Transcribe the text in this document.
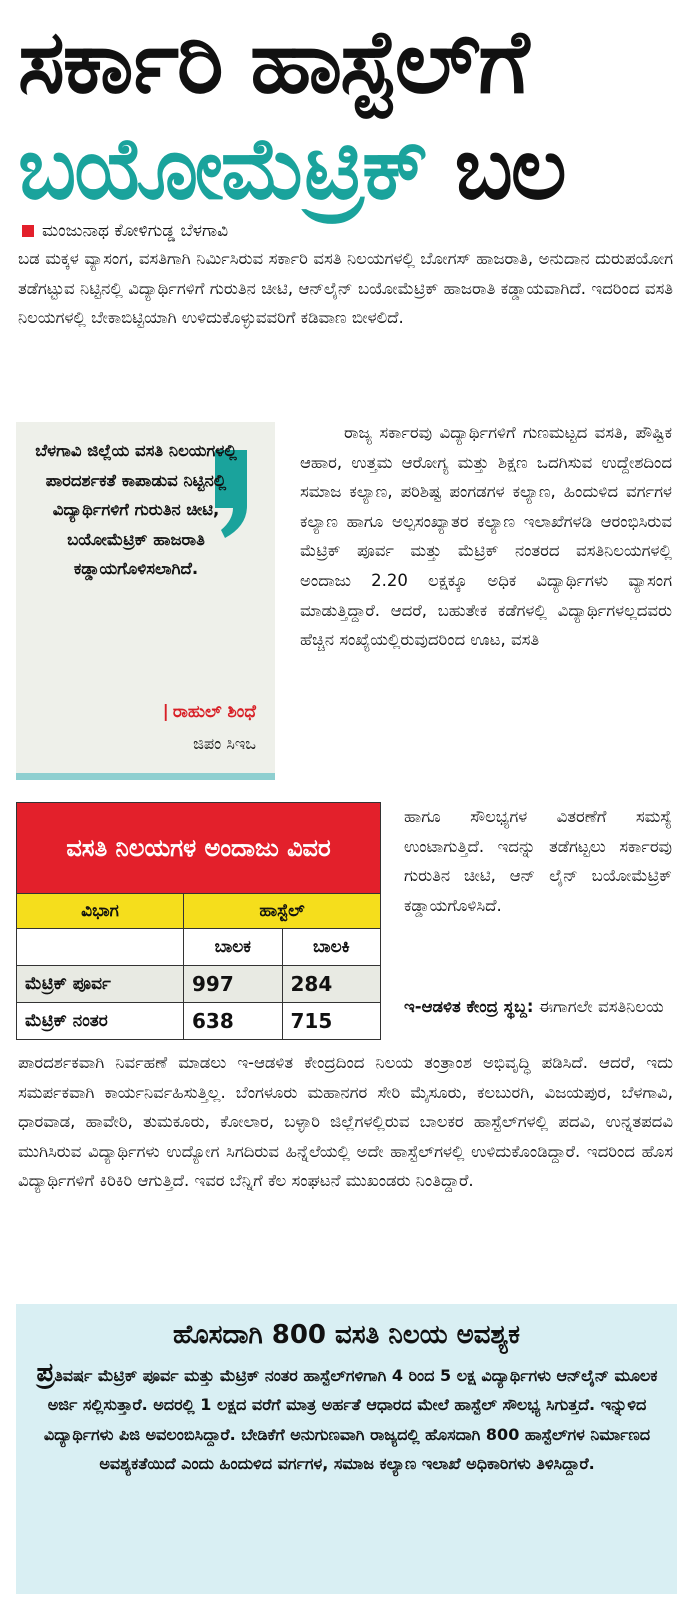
ಸರ್ಕಾರಿ ಹಾಸ್ಟೆಲ್‌ಗೆ
ಬಯೋಮೆಟ್ರಿಕ್ ಬಲ
ಮಂಜುನಾಥ ಕೋಳಿಗುಡ್ಡ ಬೆಳಗಾವಿ
ಬಡ ಮಕ್ಕಳ ವ್ಯಾಸಂಗ, ವಸತಿಗಾಗಿ ನಿರ್ಮಿಸಿರುವ ಸರ್ಕಾರಿ ವಸತಿ ನಿಲಯಗಳಲ್ಲಿ ಬೋಗಸ್ ಹಾಜರಾತಿ, ಅನುದಾನ ದುರುಪಯೋಗ ತಡೆಗಟ್ಟುವ ನಿಟ್ಟಿನಲ್ಲಿ ವಿದ್ಯಾರ್ಥಿಗಳಿಗೆ ಗುರುತಿನ ಚೀಟಿ, ಆನ್‌ಲೈನ್ ಬಯೋಮೆಟ್ರಿಕ್ ಹಾಜರಾತಿ ಕಡ್ಡಾಯವಾಗಿದೆ. ಇದರಿಂದ ವಸತಿ ನಿಲಯಗಳಲ್ಲಿ ಬೇಕಾಬಿಟ್ಟಿಯಾಗಿ ಉಳಿದುಕೊಳ್ಳುವವರಿಗೆ ಕಡಿವಾಣ ಬೀಳಲಿದೆ.
ಬೆಳಗಾವಿ ಜಿಲ್ಲೆಯ ವಸತಿ ನಿಲಯಗಳಲ್ಲಿ ಪಾರದರ್ಶಕತೆ ಕಾಪಾಡುವ ನಿಟ್ಟಿನಲ್ಲಿ ವಿದ್ಯಾರ್ಥಿಗಳಿಗೆ ಗುರುತಿನ ಚೀಟಿ, ಬಯೋಮೆಟ್ರಿಕ್ ಹಾಜರಾತಿ ಕಡ್ಡಾಯಗೊಳಿಸಲಾಗಿದೆ.
| ರಾಹುಲ್ ಶಿಂಧೆ
ಜಿಪಂ ಸಿಇಒ
ರಾಜ್ಯ ಸರ್ಕಾರವು ವಿದ್ಯಾರ್ಥಿಗಳಿಗೆ ಗುಣಮಟ್ಟದ ವಸತಿ, ಪೌಷ್ಟಿಕ ಆಹಾರ, ಉತ್ತಮ ಆರೋಗ್ಯ ಮತ್ತು ಶಿಕ್ಷಣ ಒದಗಿಸುವ ಉದ್ದೇಶದಿಂದ ಸಮಾಜ ಕಲ್ಯಾಣ, ಪರಿಶಿಷ್ಟ ಪಂಗಡಗಳ ಕಲ್ಯಾಣ, ಹಿಂದುಳಿದ ವರ್ಗಗಳ ಕಲ್ಯಾಣ ಹಾಗೂ ಅಲ್ಪಸಂಖ್ಯಾತರ ಕಲ್ಯಾಣ ಇಲಾಖೆಗಳಡಿ ಆರಂಭಿಸಿರುವ ಮೆಟ್ರಿಕ್ ಪೂರ್ವ ಮತ್ತು ಮೆಟ್ರಿಕ್ ನಂತರದ ವಸತಿನಿಲಯಗಳಲ್ಲಿ ಅಂದಾಜು 2.20 ಲಕ್ಷಕ್ಕೂ ಅಧಿಕ ವಿದ್ಯಾರ್ಥಿಗಳು ವ್ಯಾಸಂಗ ಮಾಡುತ್ತಿದ್ದಾರೆ. ಆದರೆ, ಬಹುತೇಕ ಕಡೆಗಳಲ್ಲಿ ವಿದ್ಯಾರ್ಥಿಗಳಲ್ಲದವರು ಹೆಚ್ಚಿನ ಸಂಖ್ಯೆಯಲ್ಲಿರುವುದರಿಂದ ಊಟ, ವಸತಿ
ವಸತಿ ನಿಲಯಗಳ ಅಂದಾಜು ವಿವರ		
ವಿಭಾಗ	ಹಾಸ್ಟೆಲ್	
	ಬಾಲಕ	ಬಾಲಕಿ
ಮೆಟ್ರಿಕ್ ಪೂರ್ವ	997	284
ಮೆಟ್ರಿಕ್ ನಂತರ	638	715
ಹಾಗೂ ಸೌಲಭ್ಯಗಳ ವಿತರಣೆಗೆ ಸಮಸ್ಯೆ ಉಂಟಾಗುತ್ತಿದೆ. ಇದನ್ನು ತಡೆಗಟ್ಟಲು ಸರ್ಕಾರವು ಗುರುತಿನ ಚೀಟಿ, ಆನ್ ಲೈನ್ ಬಯೋಮೆಟ್ರಿಕ್ ಕಡ್ಡಾಯಗೊಳಿಸಿದೆ.
ಇ-ಆಡಳಿತ ಕೇಂದ್ರ ಸ್ಥಬ್ದ: ಈಗಾಗಲೇ ವಸತಿನಿಲಯ
ಪಾರದರ್ಶಕವಾಗಿ ನಿರ್ವಹಣೆ ಮಾಡಲು ಇ-ಆಡಳಿತ ಕೇಂದ್ರದಿಂದ ನಿಲಯ ತಂತ್ರಾಂಶ ಅಭಿವೃದ್ಧಿ ಪಡಿಸಿದೆ. ಆದರೆ, ಇದು ಸಮರ್ಪಕವಾಗಿ ಕಾರ್ಯನಿರ್ವಹಿಸುತ್ತಿಲ್ಲ. ಬೆಂಗಳೂರು ಮಹಾನಗರ ಸೇರಿ ಮೈಸೂರು, ಕಲಬುರಗಿ, ವಿಜಯಪುರ, ಬೆಳಗಾವಿ, ಧಾರವಾಡ, ಹಾವೇರಿ, ತುಮಕೂರು, ಕೋಲಾರ, ಬಳ್ಳಾರಿ ಜಿಲ್ಲೆಗಳಲ್ಲಿರುವ ಬಾಲಕರ ಹಾಸ್ಟೆಲ್‌ಗಳಲ್ಲಿ ಪದವಿ, ಉನ್ನತಪದವಿ ಮುಗಿಸಿರುವ ವಿದ್ಯಾರ್ಥಿಗಳು ಉದ್ಯೋಗ ಸಿಗದಿರುವ ಹಿನ್ನೆಲೆಯಲ್ಲಿ ಅದೇ ಹಾಸ್ಟೆಲ್‌ಗಳಲ್ಲಿ ಉಳಿದುಕೊಂಡಿದ್ದಾರೆ. ಇದರಿಂದ ಹೊಸ ವಿದ್ಯಾರ್ಥಿಗಳಿಗೆ ಕಿರಿಕಿರಿ ಆಗುತ್ತಿದೆ. ಇವರ ಬೆನ್ನಿಗೆ ಕೆಲ ಸಂಘಟನೆ ಮುಖಂಡರು ನಿಂತಿದ್ದಾರೆ.
ಹೊಸದಾಗಿ 800 ವಸತಿ ನಿಲಯ ಅವಶ್ಯಕ
ಪ್ರತಿವರ್ಷ ಮೆಟ್ರಿಕ್ ಪೂರ್ವ ಮತ್ತು ಮೆಟ್ರಿಕ್ ನಂತರ ಹಾಸ್ಟೆಲ್‌ಗಳಿಗಾಗಿ 4 ರಿಂದ 5 ಲಕ್ಷ ವಿದ್ಯಾರ್ಥಿಗಳು ಆನ್‌ಲೈನ್ ಮೂಲಕ ಅರ್ಜಿ ಸಲ್ಲಿಸುತ್ತಾರೆ. ಅದರಲ್ಲಿ 1 ಲಕ್ಷದ ವರೆಗೆ ಮಾತ್ರ ಅರ್ಹತೆ ಆಧಾರದ ಮೇಲೆ ಹಾಸ್ಟೆಲ್ ಸೌಲಭ್ಯ ಸಿಗುತ್ತದೆ. ಇನ್ನುಳಿದ ವಿದ್ಯಾರ್ಥಿಗಳು ಪಿಜಿ ಅವಲಂಬಿಸಿದ್ದಾರೆ. ಬೇಡಿಕೆಗೆ ಅನುಗುಣವಾಗಿ ರಾಜ್ಯದಲ್ಲಿ ಹೊಸದಾಗಿ 800 ಹಾಸ್ಟೆಲ್‌ಗಳ ನಿರ್ಮಾಣದ ಅವಶ್ಯಕತೆಯಿದೆ ಎಂದು ಹಿಂದುಳಿದ ವರ್ಗಗಳ, ಸಮಾಜ ಕಲ್ಯಾಣ ಇಲಾಖೆ ಅಧಿಕಾರಿಗಳು ತಿಳಿಸಿದ್ದಾರೆ.
